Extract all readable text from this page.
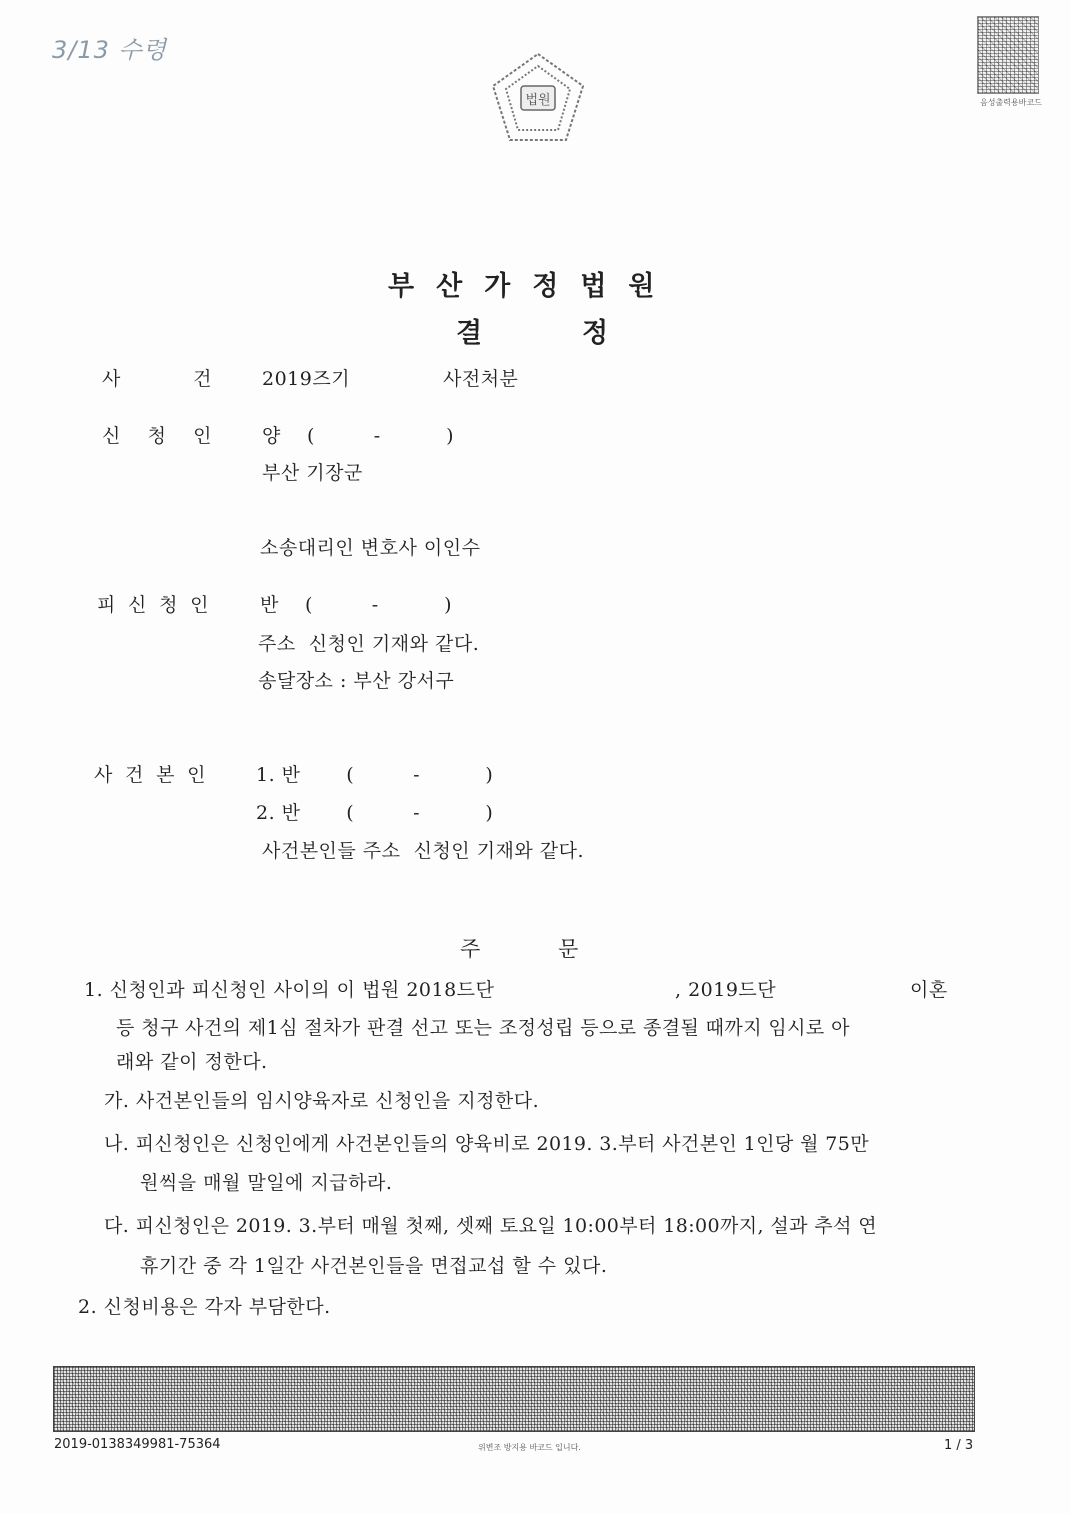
3/13 수령
법원	음성출력용바코드
부산가정법원
결	정
사	건	2019즈기	사전처분
신 청 인	양    (         -          )
부산 기장군
소송대리인 변호사 이인수
피 신 청 인	반    (         -          )
주소  신청인 기재와 같다.
송달장소 : 부산 강서구
사 건 본 인	1. 반       (         -          )
2. 반       (         -          )
사건본인들 주소  신청인 기재와 같다.
주	문
1. 신청인과 피신청인 사이의 이 법원 2018드단	, 2019드단	이혼
등 청구 사건의 제1심 절차가 판결 선고 또는 조정성립 등으로 종결될 때까지 임시로 아
래와 같이 정한다.
가. 사건본인들의 임시양육자로 신청인을 지정한다.
나. 피신청인은 신청인에게 사건본인들의 양육비로 2019. 3.부터 사건본인 1인당 월 75만
원씩을 매월 말일에 지급하라.
다. 피신청인은 2019. 3.부터 매월 첫째, 셋째 토요일 10:00부터 18:00까지, 설과 추석 연
휴기간 중 각 1일간 사건본인들을 면접교섭 할 수 있다.
2. 신청비용은 각자 부담한다.
2019-0138349981-75364	위변조 방지용 바코드 입니다.	1 / 3
